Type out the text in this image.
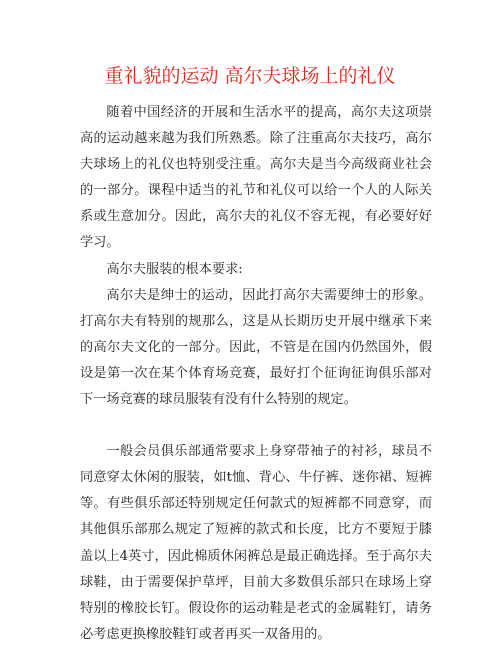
重礼貌的运动 高尔夫球场上的礼仪

随着中国经济的开展和生活水平的提高，高尔夫这项崇高的运动越来越为我们所熟悉。除了注重高尔夫技巧，高尔夫球场上的礼仪也特别受注重。高尔夫是当今高级商业社会的一部分。课程中适当的礼节和礼仪可以给一个人的人际关系或生意加分。因此，高尔夫的礼仪不容无视，有必要好好学习。

高尔夫服装的根本要求:

高尔夫是绅士的运动，因此打高尔夫需要绅士的形象。打高尔夫有特别的规那么，这是从长期历史开展中继承下来的高尔夫文化的一部分。因此，不管是在国内仍然国外，假设是第一次在某个体育场竞赛，最好打个征询征询俱乐部对下一场竞赛的球员服装有没有什么特别的规定。

一般会员俱乐部通常要求上身穿带袖子的衬衫，球员不同意穿太休闲的服装，如t恤、背心、牛仔裤、迷你裙、短裤等。有些俱乐部还特别规定任何款式的短裤都不同意穿，而其他俱乐部那么规定了短裤的款式和长度，比方不要短于膝盖以上4英寸，因此棉质休闲裤总是最正确选择。至于高尔夫球鞋，由于需要保护草坪，目前大多数俱乐部只在球场上穿特别的橡胶长钉。假设你的运动鞋是老式的金属鞋钉，请务必考虑更换橡胶鞋钉或者再买一双备用的。
